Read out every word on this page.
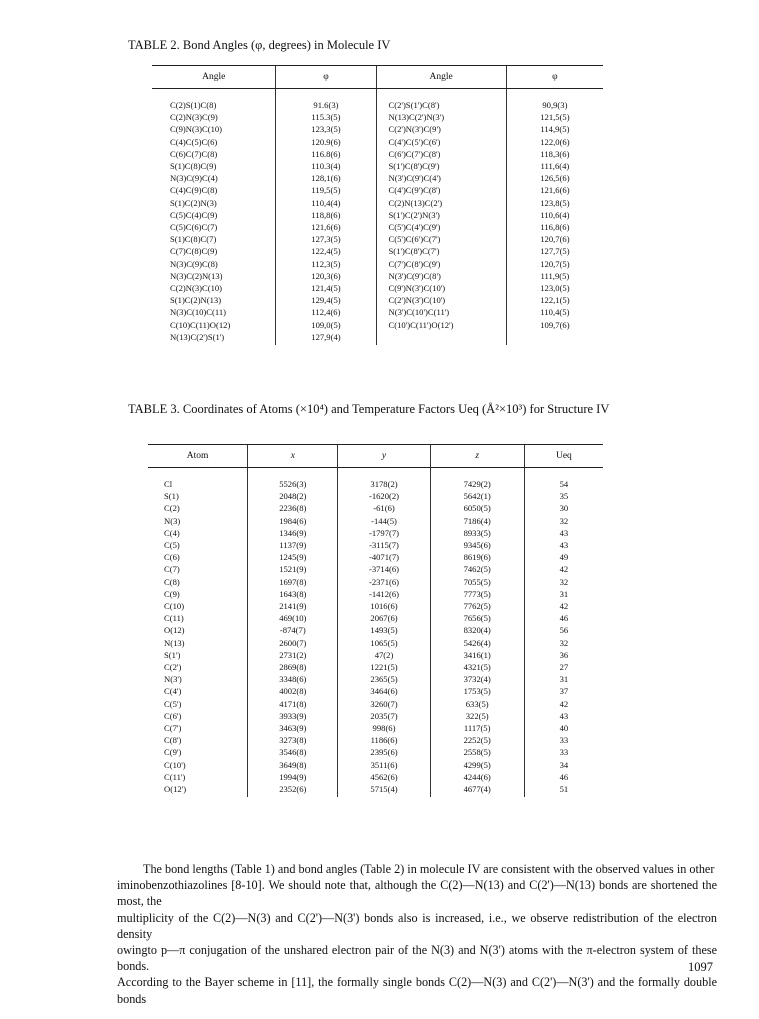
TABLE 2. Bond Angles (φ, degrees) in Molecule IV
Angle	φ	Angle	φ
C(2)S(1)C(8)	91.6(3)	C(2')S(1')C(8')	90,9(3)
C(2)N(3)C(9)	115.3(5)	N(13)C(2')N(3')	121,5(5)
C(9)N(3)C(10)	123,3(5)	C(2')N(3')C(9')	114,9(5)
C(4)C(5)C(6)	120.9(6)	C(4')C(5')C(6')	122,0(6)
C(6)C(7)C(8)	116.8(6)	C(6')C(7')C(8')	118,3(6)
S(1)C(8)C(9)	110.3(4)	S(1')C(8')C(9')	111,6(4)
N(3)C(9)C(4)	128,1(6)	N(3')C(9')C(4')	126,5(6)
C(4)C(9)C(8)	119,5(5)	C(4')C(9')C(8')	121,6(6)
S(1)C(2)N(3)	110,4(4)	C(2)N(13)C(2')	123,8(5)
C(5)C(4)C(9)	118,8(6)	S(1')C(2')N(3')	110,6(4)
C(5)C(6)C(7)	121,6(6)	C(5')C(4')C(9')	116,8(6)
S(1)C(8)C(7)	127,3(5)	C(5')C(6')C(7')	120,7(6)
C(7)C(8)C(9)	122,4(5)	S(1')C(8')C(7')	127,7(5)
N(3)C(9)C(8)	112,3(5)	C(7')C(8')C(9')	120,7(5)
N(3)C(2)N(13)	120,3(6)	N(3')C(9')C(8')	111,9(5)
C(2)N(3)C(10)	121,4(5)	C(9')N(3')C(10')	123,0(5)
S(1)C(2)N(13)	129,4(5)	C(2')N(3')C(10')	122,1(5)
N(3)C(10)C(11)	112,4(6)	N(3')C(10')C(11')	110,4(5)
C(10)C(11)O(12)	109,0(5)	C(10')C(11')O(12')	109,7(6)
N(13)C(2')S(1')	127,9(4)		
TABLE 3. Coordinates of Atoms (×10⁴) and Temperature Factors Ueq (Å²×10³) for Structure IV
Atom	x	y	z	Ueq
Cl	5526(3)	3178(2)	7429(2)	54
S(1)	2048(2)	-1620(2)	5642(1)	35
C(2)	2236(8)	-61(6)	6050(5)	30
N(3)	1984(6)	-144(5)	7186(4)	32
C(4)	1346(9)	-1797(7)	8933(5)	43
C(5)	1137(9)	-3115(7)	9345(6)	43
C(6)	1245(9)	-4071(7)	8619(6)	49
C(7)	1521(9)	-3714(6)	7462(5)	42
C(8)	1697(8)	-2371(6)	7055(5)	32
C(9)	1643(8)	-1412(6)	7773(5)	31
C(10)	2141(9)	1016(6)	7762(5)	42
C(11)	469(10)	2067(6)	7656(5)	46
O(12)	-874(7)	1493(5)	8320(4)	56
N(13)	2600(7)	1065(5)	5426(4)	32
S(1')	2731(2)	47(2)	3416(1)	36
C(2')	2869(8)	1221(5)	4321(5)	27
N(3')	3348(6)	2365(5)	3732(4)	31
C(4')	4002(8)	3464(6)	1753(5)	37
C(5')	4171(8)	3260(7)	633(5)	42
C(6')	3933(9)	2035(7)	322(5)	43
C(7')	3463(9)	998(6)	1117(5)	40
C(8')	3273(8)	1186(6)	2252(5)	33
C(9')	3546(8)	2395(6)	2558(5)	33
C(10')	3649(8)	3511(6)	4299(5)	34
C(11')	1994(9)	4562(6)	4244(6)	46
O(12')	2352(6)	5715(4)	4677(4)	51

The bond lengths (Table 1) and bond angles (Table 2) in molecule IV are consistent with the observed values in other
iminobenzothiazolines [8-10]. We should note that, although the C(2)—N(13) and C(2')—N(13) bonds are shortened the most, the
multiplicity of the C(2)—N(3) and C(2')—N(3') bonds also is increased, i.e., we observe redistribution of the electron density
owingto p—π conjugation of the unshared electron pair of the N(3) and N(3') atoms with the π-electron system of these bonds.
According to the Bayer scheme in [11], the formally single bonds C(2)—N(3) and C(2')—N(3') and the formally double bonds

1097
